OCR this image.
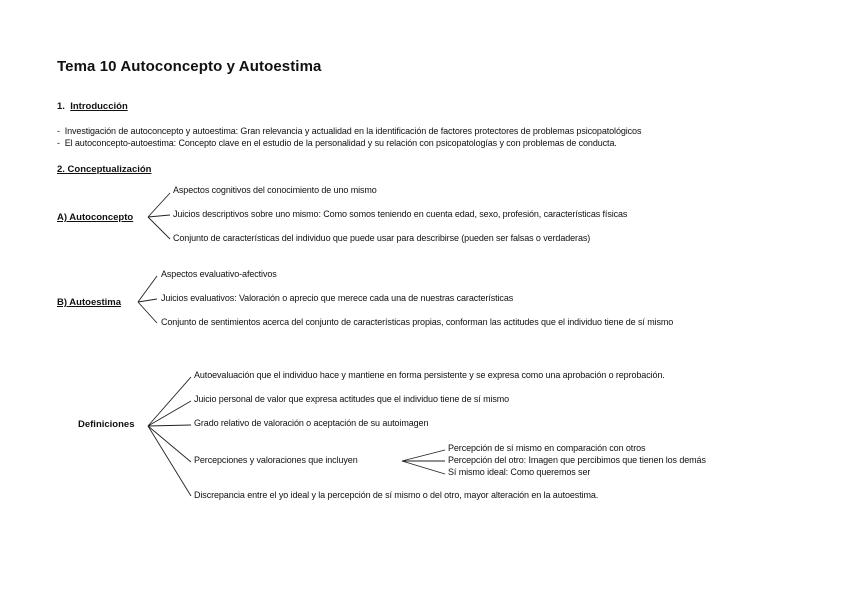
Tema 10 Autoconcepto y Autoestima
1. Introducción
-  Investigación de autoconcepto y autoestima: Gran relevancia y actualidad en la identificación de factores protectores de problemas psicopatológicos
-  El autoconcepto-autoestima: Concepto clave en el estudio de la personalidad y su relación con psicopatologías y con problemas de conducta.
2. Conceptualización
A) Autoconcepto
Aspectos cognitivos del conocimiento de uno mismo
Juicios descriptivos sobre uno mismo: Como somos teniendo en cuenta edad, sexo, profesión, características físicas
Conjunto de características del individuo que puede usar para describirse (pueden ser falsas o verdaderas)
B) Autoestima
Aspectos evaluativo-afectivos
Juicios evaluativos: Valoración o aprecio que merece cada una de nuestras características
Conjunto de sentimientos acerca del conjunto de características propias, conforman las actitudes que el individuo tiene de sí mismo
Definiciones
Autoevaluación que el individuo hace y mantiene en forma persistente y se expresa como una aprobación o reprobación.
Juicio personal de valor que expresa actitudes que el individuo tiene de sí mismo
Grado relativo de valoración o aceptación de su autoimagen
Percepciones y valoraciones que incluyen
Discrepancia entre el yo ideal y la percepción de sí mismo o del otro, mayor alteración en la autoestima.
Percepción de sí mismo en comparación con otros
Percepción del otro: Imagen que percibimos que tienen los demás
Sí mismo ideal: Como queremos ser
